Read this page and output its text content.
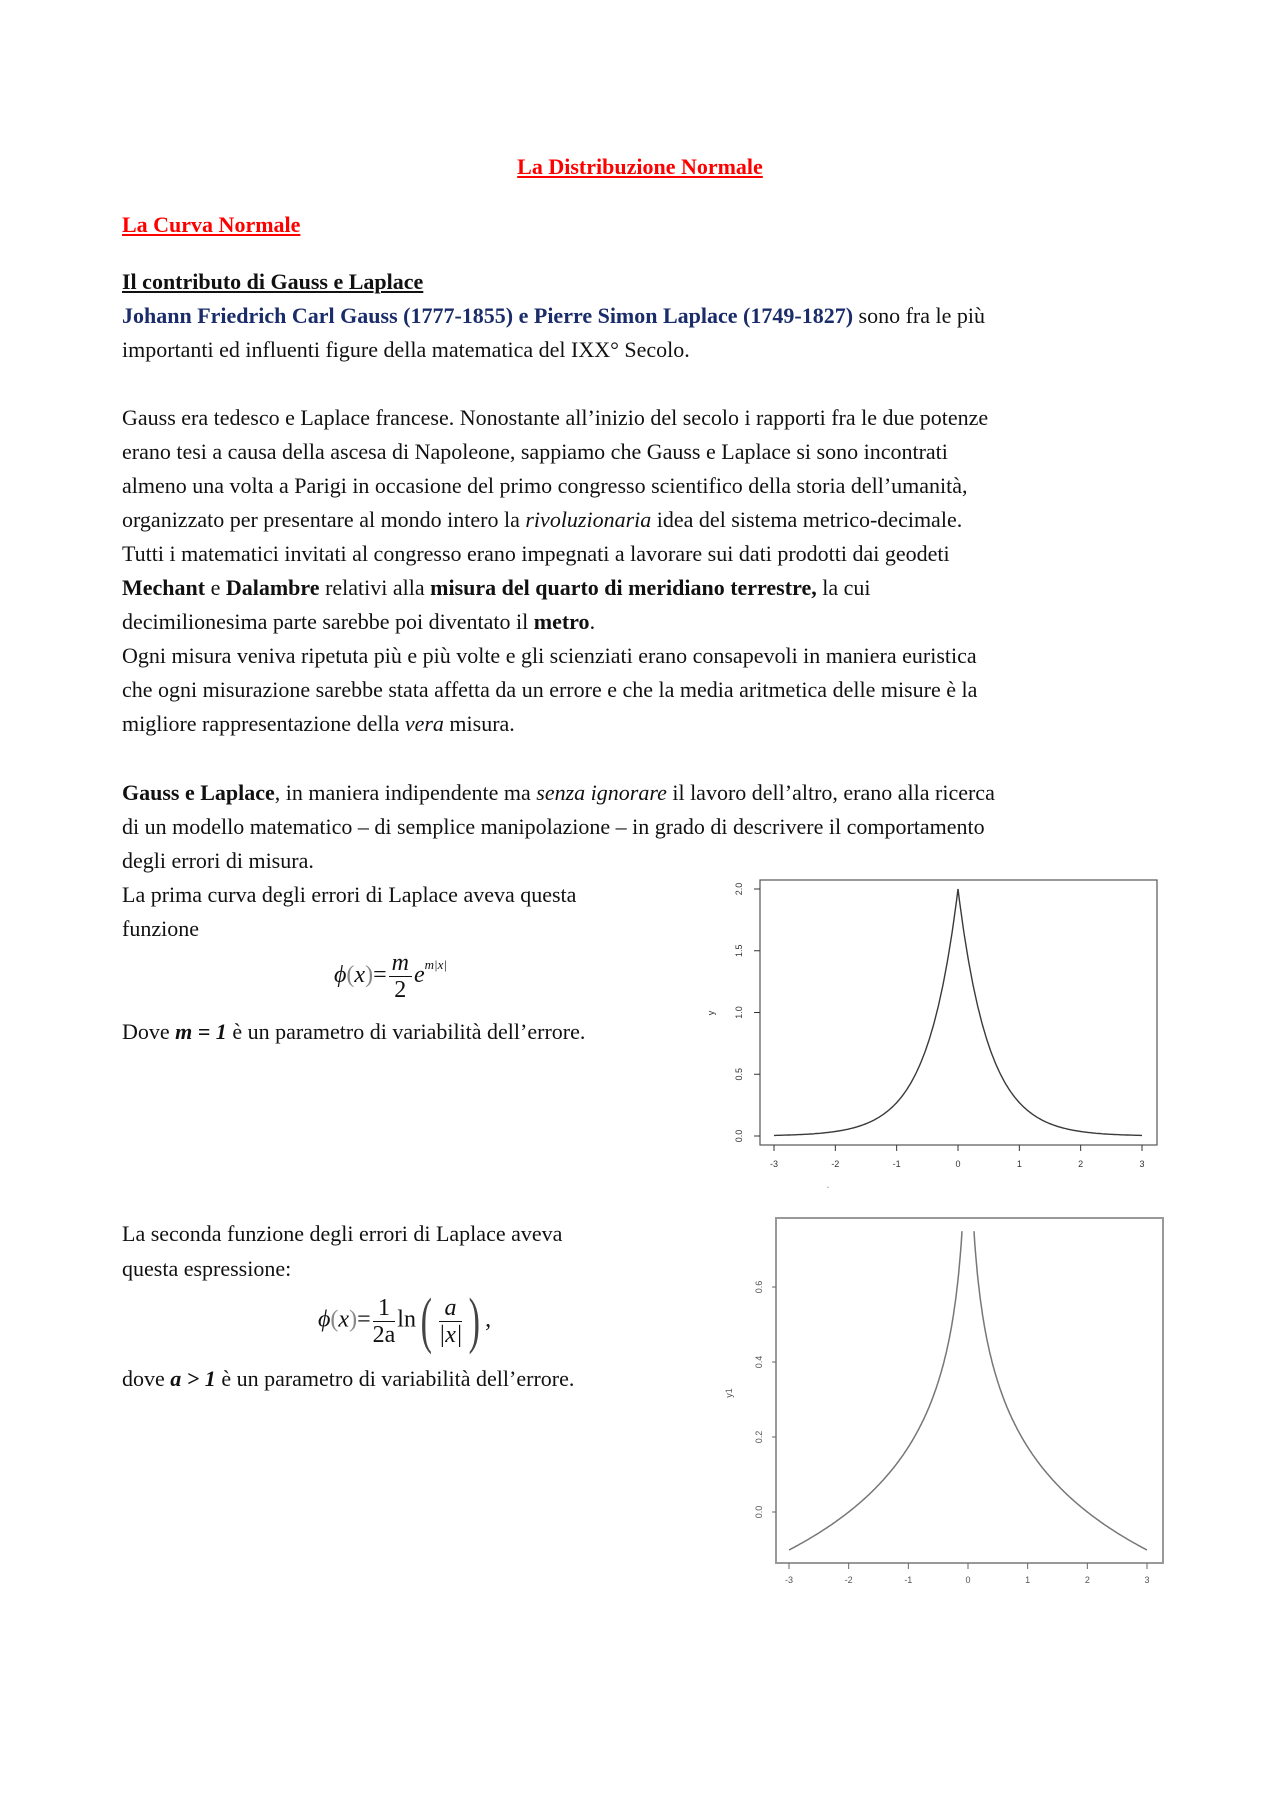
La Distribuzione Normale
La Curva Normale
Il contributo di Gauss e Laplace
Johann Friedrich Carl Gauss (1777-1855) e Pierre Simon Laplace (1749-1827) sono fra le più
importanti ed influenti figure della matematica del IXX° Secolo.
Gauss era tedesco e Laplace francese. Nonostante all’inizio del secolo i rapporti fra le due potenze
erano tesi a causa della ascesa di Napoleone, sappiamo che Gauss e Laplace si sono incontrati
almeno una volta a Parigi in occasione del primo congresso scientifico della storia dell’umanità,
organizzato per presentare al mondo intero la rivoluzionaria idea del sistema metrico-decimale.
Tutti i matematici invitati al congresso erano impegnati a lavorare sui dati prodotti dai geodeti
Mechant e Dalambre relativi alla misura del quarto di meridiano terrestre, la cui
decimilionesima parte sarebbe poi diventato il metro.
Ogni misura veniva ripetuta più e più volte e gli scienziati erano consapevoli in maniera euristica
che ogni misurazione sarebbe stata affetta da un errore e che la media aritmetica delle misure è la
migliore rappresentazione della vera misura.
Gauss e Laplace, in maniera indipendente ma senza ignorare il lavoro dell’altro, erano alla ricerca
di un modello matematico – di semplice manipolazione – in grado di descrivere il comportamento
degli errori di misura.
La prima curva degli errori di Laplace aveva questa
funzione
$\phi(x)= \frac{m}{2} e^{m|x|}$
Dove m = 1 è un parametro di variabilità dell’errore.
0.0
0.5
1.0
1.5
2.0
-3	-2	-1	0	1	2	3
y
`
La seconda funzione degli errori di Laplace aveva
questa espressione:
$\phi(x)= \frac{1}{2a} \ln( \frac{a}{|x|}$ ) ,
dove a > 1 è un parametro di variabilità dell’errore.
0.0
0.2
0.4
0.6
-3	-2	-1	0	1	2	3
y1
